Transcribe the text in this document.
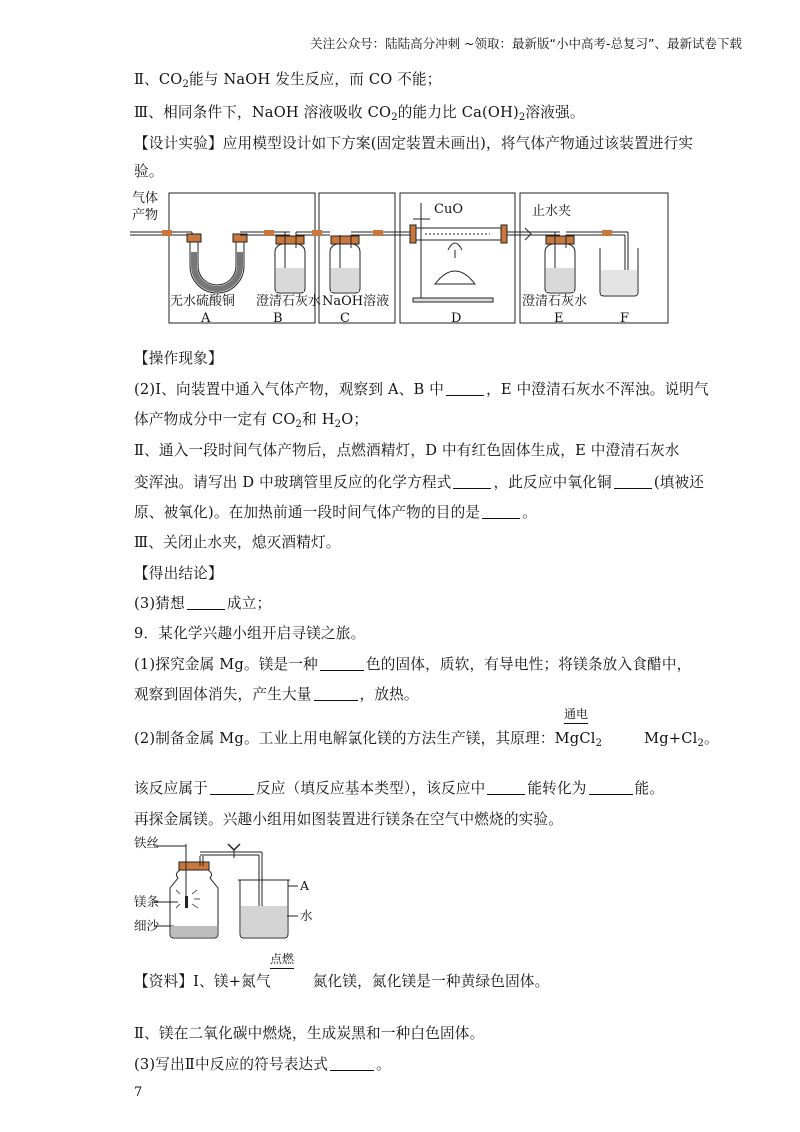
关注公众号：陆陆高分冲刺 ~领取：最新版“小中高考-总复习”、最新试卷下载
Ⅱ、$CO_2$能与 NaOH 发生反应，而 CO 不能；
Ⅲ、相同条件下，NaOH 溶液吸收 $CO_2$的能力比 $Ca(OH)_2$溶液强。
【设计实验】应用模型设计如下方案(固定装置未画出)，将气体产物通过该装置进行实
验。
气体
产物	CuO	止水夹
无水硫酸铜 澄清石灰水 NaOH溶液	澄清石灰水
A	B	C	D	E	F
【操作现象】
(2)Ⅰ、向装置中通入气体产物，观察到 A、B 中	，E 中澄清石灰水不浑浊。说明气
体产物成分中一定有 $CO_2$和 $H_2O$；
Ⅱ、通入一段时间气体产物后，点燃酒精灯，D 中有红色固体生成，E 中澄清石灰水
变浑浊。请写出 D 中玻璃管里反应的化学方程式	，此反应中氧化铜	(填被还
原、被氧化)。在加热前通一段时间气体产物的目的是	。
Ⅲ、关闭止水夹，熄灭酒精灯。
【得出结论】
(3)猜想	成立；
9．某化学兴趣小组开启寻镁之旅。
(1)探究金属 Mg。镁是一种	色的固体，质软，有导电性；将镁条放入食醋中，
观察到固体消失，产生大量	，放热。
通电
(2)制备金属 Mg。工业上用电解氯化镁的方法生产镁，其原理：MgCl$_2$	$Mg+Cl_2$。
该反应属于	反应（填反应基本类型），该反应中	能转化为	能。
再探金属镁。兴趣小组用如图装置进行镁条在空气中燃烧的实验。
铁丝
镁条
细沙
A
水
点燃
【资料】Ⅰ、镁+氮气	氮化镁，氮化镁是一种黄绿色固体。
Ⅱ、镁在二氧化碳中燃烧，生成炭黑和一种白色固体。
(3)写出Ⅱ中反应的符号表达式	。
7
